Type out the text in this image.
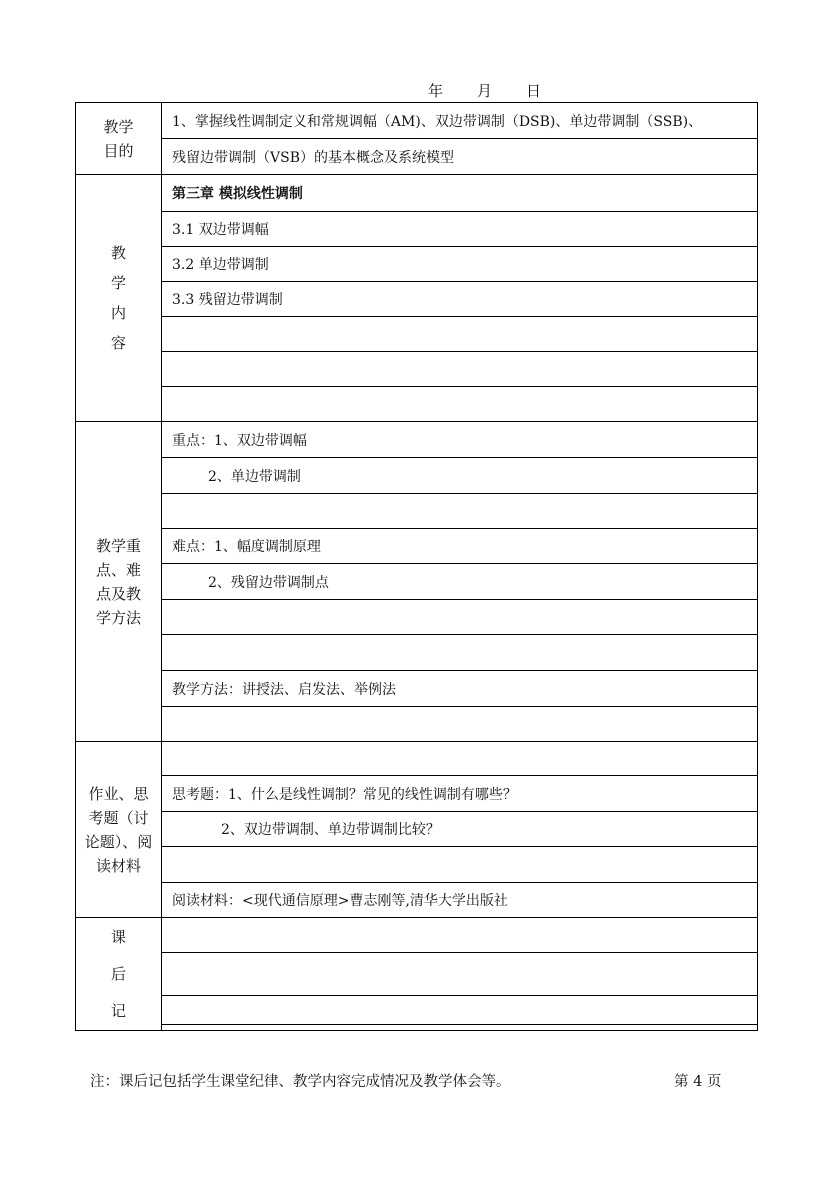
年 月 日
教学目的
1、掌握线性调制定义和常规调幅（AM)、双边带调制（DSB)、单边带调制（SSB)、
残留边带调制（VSB）的基本概念及系统模型
教
学
内
容
第三章 模拟线性调制
3.1 双边带调幅
3.2 单边带调制
3.3 残留边带调制
教学重点、难点及教学方法
重点：1、双边带调幅
2、单边带调制
难点：1、幅度调制原理
2、残留边带调制点
教学方法：讲授法、启发法、举例法
作业、思考题（讨论题）、阅读材料
思考题：1、什么是线性调制？常见的线性调制有哪些？
2、双边带调制、单边带调制比较？
阅读材料：<现代通信原理>曹志刚等,清华大学出版社
课
后
记
注：课后记包括学生课堂纪律、教学内容完成情况及教学体会等。	第 4 页
